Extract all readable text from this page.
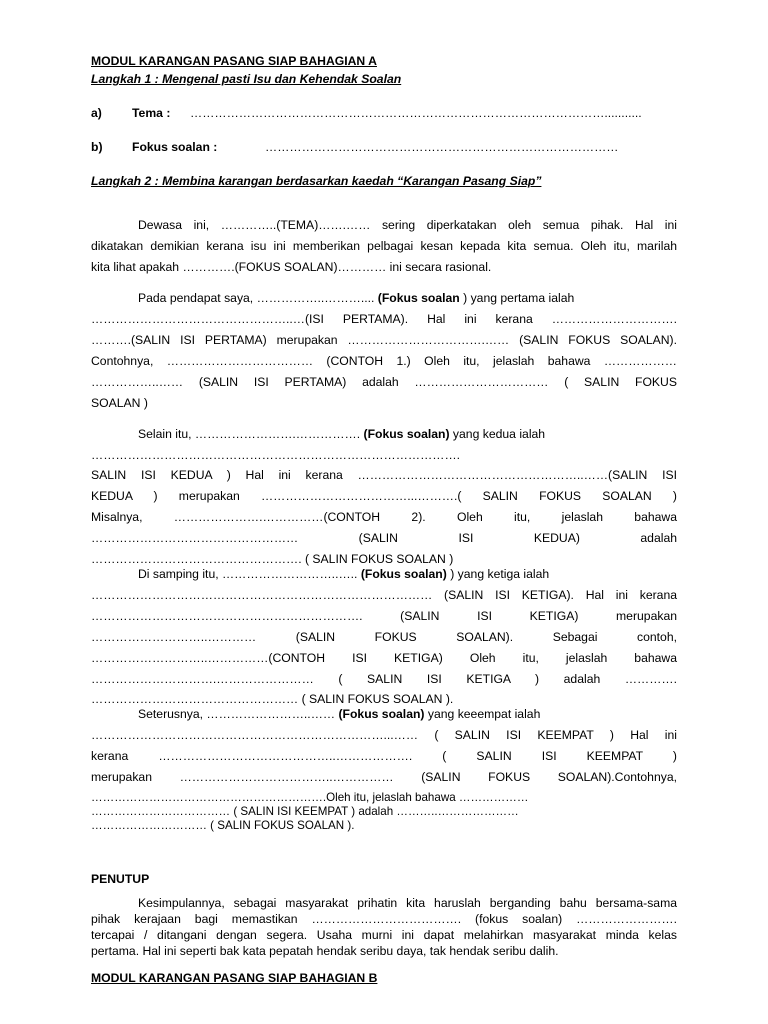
MODUL KARANGAN PASANG SIAP BAHAGIAN A
Langkah 1 : Mengenal pasti Isu dan Kehendak Soalan
a) Tema : …………………………………………………………………………………………...........
b) Fokus soalan :	……………………………………………………………………………
Langkah 2 : Membina karangan berdasarkan kaedah “Karangan Pasang Siap”
Dewasa ini, …………..(TEMA)…….…… sering diperkatakan oleh semua pihak. Hal ini
dikatakan demikian kerana isu ini memberikan pelbagai kesan kepada kita semua. Oleh itu, marilah
kita lihat apakah ………….(FOKUS SOALAN)………… ini secara rasional.
Pada pendapat saya, ……………..……….... (Fokus soalan ) yang pertama ialah
…………………………………………..…(ISI PERTAMA). Hal ini kerana ………………………….
……….(SALIN ISI PERTAMA) merupakan …………………………….…… (SALIN FOKUS SOALAN).
Contohnya, ……………………………… (CONTOH 1.) Oleh itu, jelaslah bahawa ………………
……………..…… (SALIN ISI PERTAMA) adalah …………………………… ( SALIN FOKUS
SOALAN )
Selain itu, …………………….……………. (Fokus soalan) yang kedua ialah
……………………………………………………………………………….
SALIN ISI KEDUA ) Hal ini kerana ………………………………………………..……(SALIN ISI
KEDUA ) merupakan ………………………………...……….( SALIN FOKUS SOALAN )
Misalnya, ………………….……………(CONTOH 2). Oleh itu, jelaslah bahawa
…………………………………………… (SALIN ISI KEDUA) adalah
……………………………………………. ( SALIN FOKUS SOALAN )
Di samping itu, ………………………..….. (Fokus soalan) ) yang ketiga ialah
………………………………………………………………………… (SALIN ISI KETIGA). Hal ini kerana
…………………………………………………………. (SALIN ISI KETIGA) merupakan
………………………..………… (SALIN FOKUS SOALAN). Sebagai contoh,
………………………..……………(CONTOH ISI KETIGA) Oleh itu, jelaslah bahawa
………………………….…………………… ( SALIN ISI KETIGA ) adalah ………….
…………………………………………… ( SALIN FOKUS SOALAN ).
Seterusnya, ……………………..…… (Fokus soalan) yang keeempat ialah
………………………………………………………………...…… ( SALIN ISI KEEMPAT ) Hal ini
kerana ……………………………………..………………. ( SALIN ISI KEEMPAT )
merupakan ………………………………..…………… (SALIN FOKUS SOALAN).Contohnya,
…………………………………………………….Oleh itu, jelaslah bahawa ………………
……………………………… ( SALIN ISI KEEMPAT ) adalah ………..…………………
………………………… ( SALIN FOKUS SOALAN ).
PENUTUP
Kesimpulannya, sebagai masyarakat prihatin kita haruslah berganding bahu bersama-sama
pihak kerajaan bagi memastikan ………………………………. (fokus soalan) …………………….
tercapai / ditangani dengan segera. Usaha murni ini dapat melahirkan masyarakat minda kelas
pertama. Hal ini seperti bak kata pepatah hendak seribu daya, tak hendak seribu dalih.
MODUL KARANGAN PASANG SIAP BAHAGIAN B
